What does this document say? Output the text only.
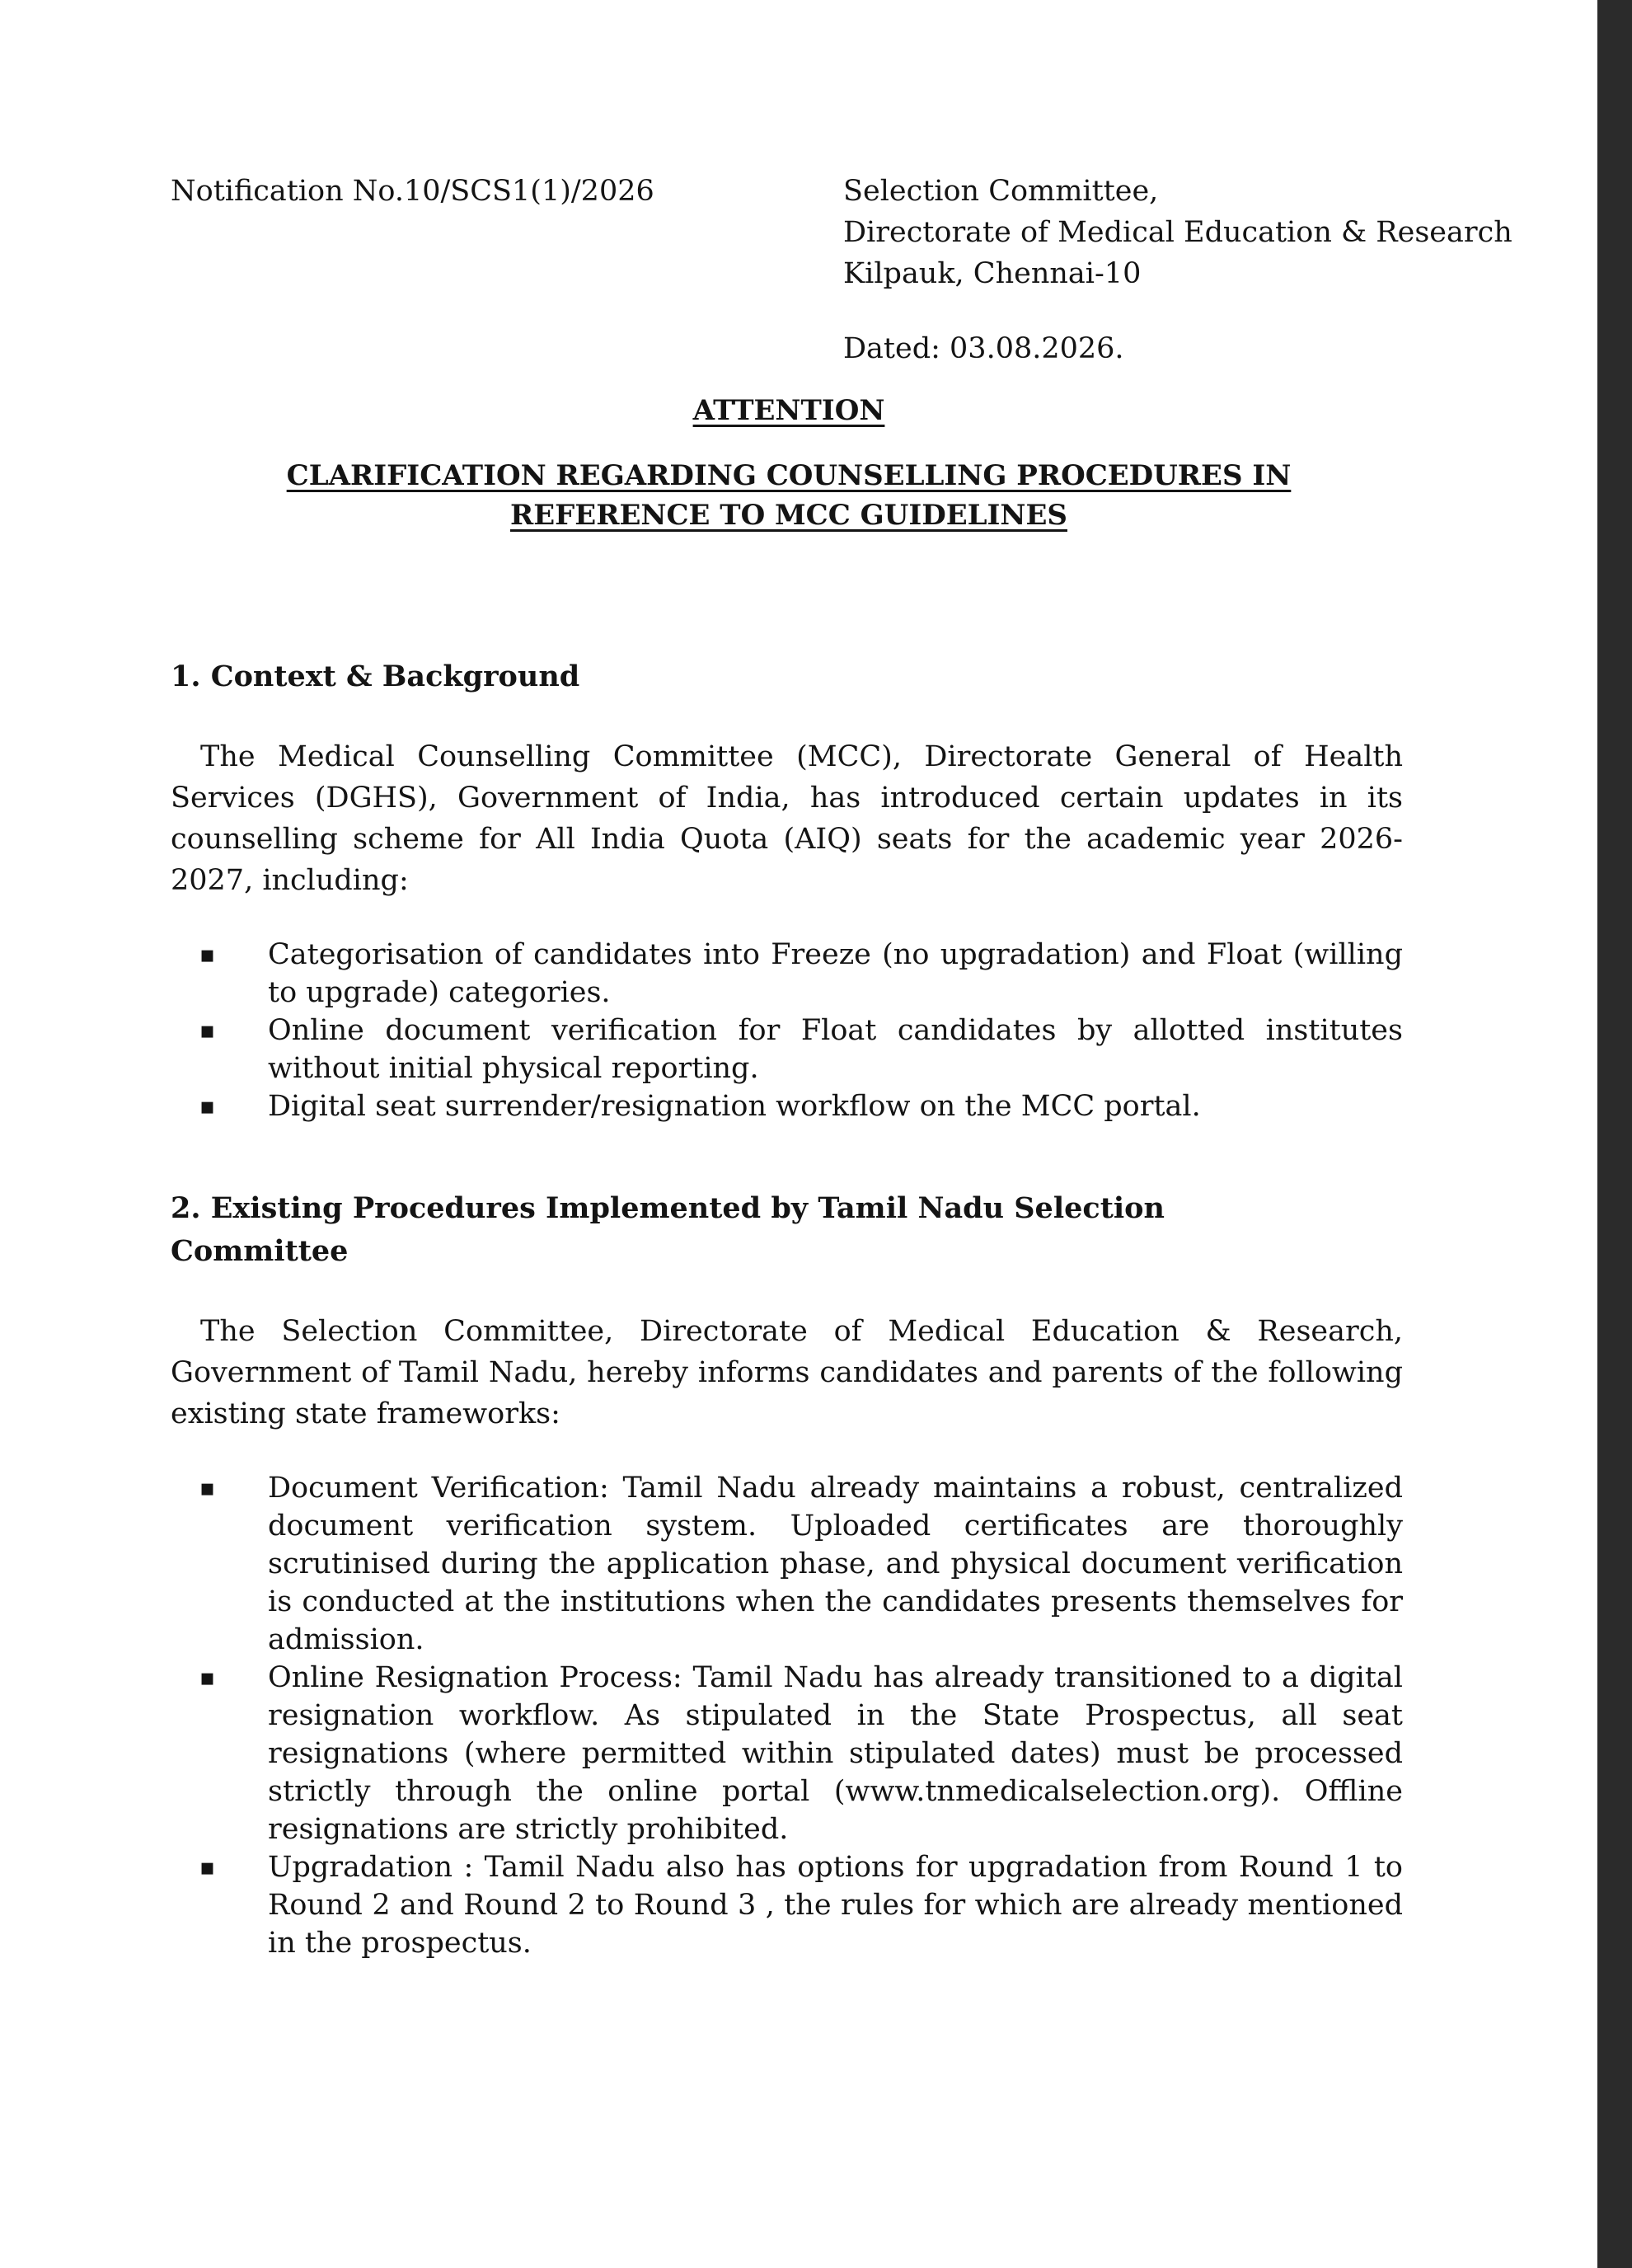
Notification No.10/SCS1(1)/2026	Selection Committee,
Directorate of Medical Education & Research
Kilpauk, Chennai-10
Dated: 03.08.2026.
ATTENTION
CLARIFICATION REGARDING COUNSELLING PROCEDURES IN
REFERENCE TO MCC GUIDELINES
1. Context & Background
The Medical Counselling Committee (MCC), Directorate General of Health Services (DGHS), Government of India, has introduced certain updates in its counselling scheme for All India Quota (AIQ) seats for the academic year 2026-2027, including:
▪ Categorisation of candidates into Freeze (no upgradation) and Float (willing to upgrade) categories.
▪ Online document verification for Float candidates by allotted institutes without initial physical reporting.
▪ Digital seat surrender/resignation workflow on the MCC portal.
2. Existing Procedures Implemented by Tamil Nadu Selection
Committee
The Selection Committee, Directorate of Medical Education & Research, Government of Tamil Nadu, hereby informs candidates and parents of the following existing state frameworks:
▪ Document Verification: Tamil Nadu already maintains a robust, centralized document verification system. Uploaded certificates are thoroughly scrutinised during the application phase, and physical document verification is conducted at the institutions when the candidates presents themselves for admission.
▪ Online Resignation Process: Tamil Nadu has already transitioned to a digital resignation workflow. As stipulated in the State Prospectus, all seat resignations (where permitted within stipulated dates) must be processed strictly through the online portal (www.tnmedicalselection.org). Offline resignations are strictly prohibited.
▪ Upgradation : Tamil Nadu also has options for upgradation from Round 1 to Round 2 and Round 2 to Round 3 , the rules for which are already mentioned in the prospectus.
